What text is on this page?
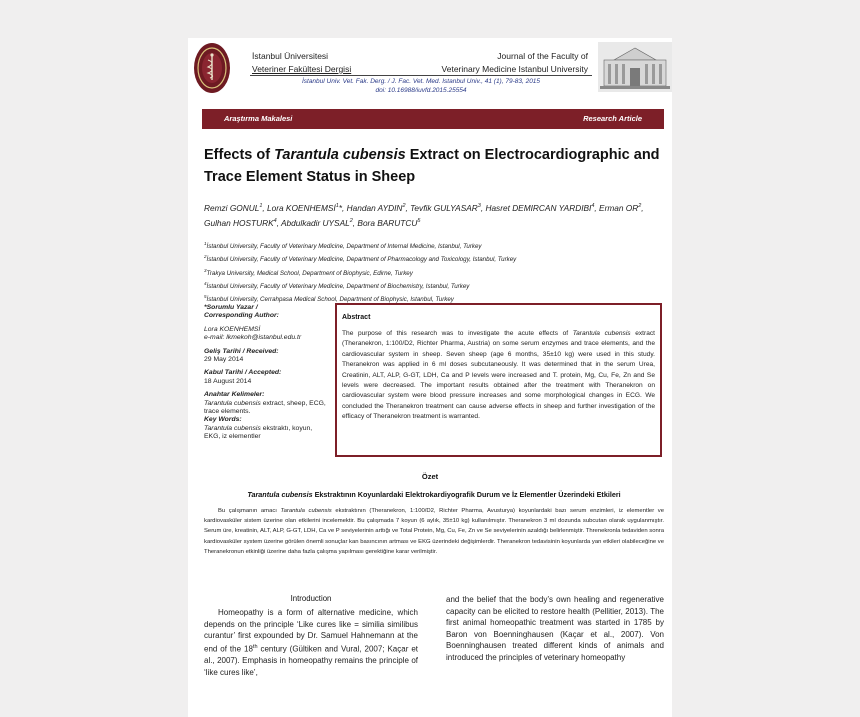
İstanbul Üniversitesi
Veteriner Fakültesi Dergisi
Journal of the Faculty of
Veterinary Medicine Istanbul University
İstanbul Univ. Vet. Fak. Derg. / J. Fac. Vet. Med. Istanbul Univ., 41 (1), 79-83, 2015
doi: 10.16988/iuvfd.2015.25554
Araştırma Makalesi	Research Article
Effects of Tarantula cubensis Extract on Electrocardiographic and Trace Element Status in Sheep
Remzi GONUL$^1$, Lora KOENHEMSİ$^1$*, Handan AYDIN$^2$, Tevfik GULYASAR$^3$, Hasret DEMIRCAN YARDIBI$^4$, Erman $OR^2$, Gulhan HOSTURK$^4$, Abdulkadir UYSAL$^2$, Bora BARUTCU$^5$
$^1$İstanbul University, Faculty of Veterinary Medicine, Department of Internal Medicine, Istanbul, Turkey
$^2$İstanbul University, Faculty of Veterinary Medicine, Department of Pharmacology and Toxicology, Istanbul, Turkey
$^3$Trakya University, Medical School, Department of Biophysic, Edirne, Turkey
$^4$İstanbul University, Faculty of Veterinary Medicine, Department of Biochemistry, Istanbul, Turkey
$^5$İstanbul University, Cerrahpasa Medical School, Department of Biophysic, Istanbul, Turkey
*Sorumlu Yazar /
Corresponding Author:
Lora KOENHEMSİ
e-mail: lkmekoh@istanbul.edu.tr
Geliş Tarihi / Received:
29 May 2014
Kabul Tarihi / Accepted:
18 August 2014
Anahtar Kelimeler:
Tarantula cubensis extract, sheep, ECG, trace elements.
Key Words:
Tarantula cubensis ekstraktı, koyun, EKG, iz elementler
Abstract
The purpose of this research was to investigate the acute effects of Tarantula cubensis extract (Theranekron, 1:100/D2, Richter Pharma, Austria) on some serum enzymes and trace elements, and the cardiovascular system in sheep. Seven sheep (age 6 months, 35±10 kg) were used in this study. Theranekron was applied in 6 ml doses subcutaneously. It was determined that in the serum Urea, Creatinin, ALT, ALP, G-GT, LDH, Ca and P levels were increased and T. protein, Mg, Cu, Fe, Zn and Se levels were decreased. The important results obtained after the treatment with Theranekron on cardiovascular system were blood pressure increases and some morphological changes in ECG. We concluded the Theranekron treatment can cause adverse effects in sheep and further investigation of the efficacy of Theranekron treatment is warranted.
Özet
Tarantula cubensis Ekstraktının Koyunlardaki Elektrokardiyografik Durum ve İz Elementler Üzerindeki Etkileri
Bu çalışmanın amacı Tarantula cubensis ekstraktının (Theranekron, 1:100/D2, Richter Pharma, Avusturya) koyunlardaki bazı serum enzimleri, iz elementler ve kardiovasküler sistem üzerine olan etkilerini incelemektir. Bu çalışmada 7 koyun (6 aylık, 35±10 kg) kullanılmıştır. Theranekron 3 ml dozunda subcutan olarak uygulanmıştır. Serum üre, kreatinin, ALT, ALP, G-GT, LDH, Ca ve P seviyelerinin arttığı ve Total Protein, Mg, Cu, Fe, Zn ve Se seviyelerinin azaldığı belirlenmiştir. Threnekronla tedaviden sonra kardiovasküler system üzerine görülen önemli sonuçlar kan basıncının artması ve EKG üzerindeki değişimlerdir. Theranekron tedavisinin koyunlarda yan etkileri olabileceğine ve Theranekronun etkinliği üzerine daha fazla çalışma yapılması gerektiğine karar verilmiştir.
Introduction
Homeopathy is a form of alternative medicine, which depends on the principle ‘Like cures like = similia similibus curantur’ first expounded by Dr. Samuel Hahnemann at the end of the 18th century (Gültiken and Vural, 2007; Kaçar et al., 2007). Emphasis in homeopathy remains the principle of ‘like cures like’,
and the belief that the body’s own healing and regenerative capacity can be elicited to restore health (Pellitier, 2013). The first animal homeopathic treatment was started in 1785 by Baron von Boenninghausen (Kaçar et al., 2007). Von Boenninghausen treated different kinds of animals and introduced the principles of veterinary homeopathy
